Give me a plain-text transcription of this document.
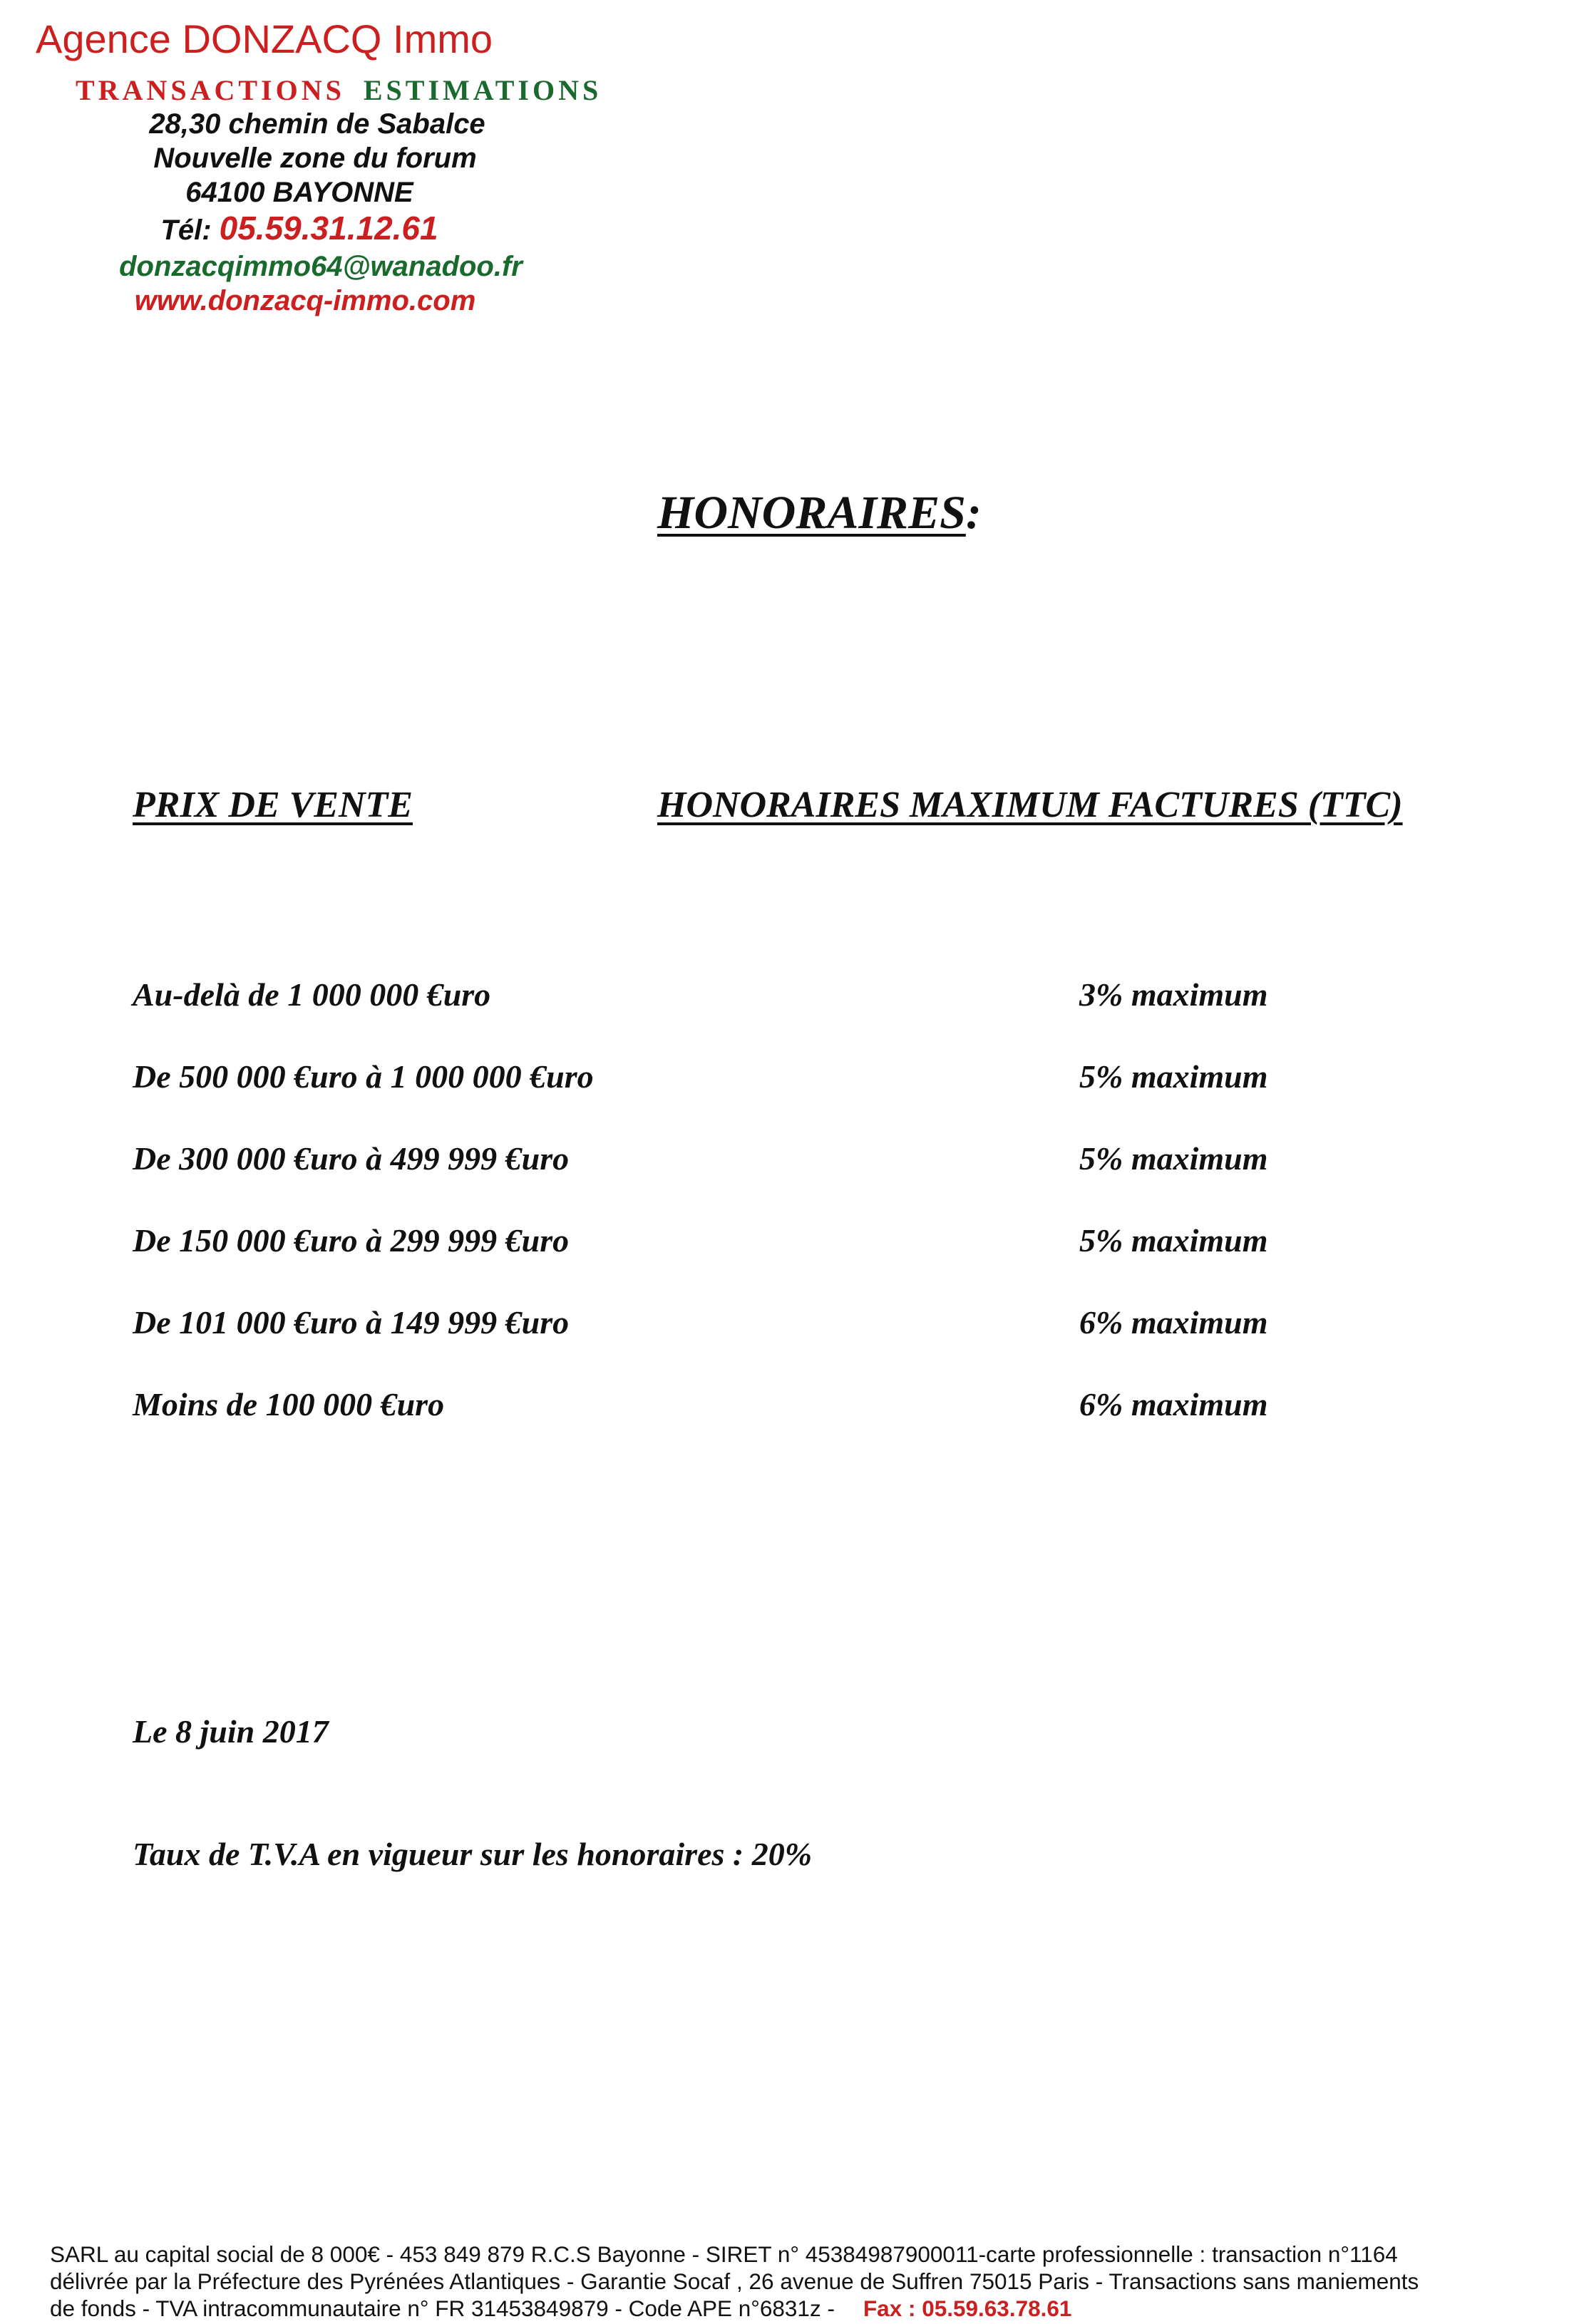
Agence DONZACQ Immo
TRANSACTIONS ESTIMATIONS
28,30 chemin de Sabalce
Nouvelle zone du forum
64100 BAYONNE
Tél: 05.59.31.12.61
donzacqimmo64@wanadoo.fr
www.donzacq-immo.com
HONORAIRES:
PRIX DE VENTE	HONORAIRES MAXIMUM FACTURES (TTC)
Au-delà de 1 000 000 €uro	3% maximum
De 500 000 €uro à 1 000 000 €uro	5% maximum
De 300 000 €uro à 499 999 €uro	5% maximum
De 150 000 €uro à 299 999 €uro	5% maximum
De 101 000 €uro à 149 999 €uro	6% maximum
Moins de 100 000 €uro	6% maximum
Le 8 juin 2017
Taux de T.V.A en vigueur sur les honoraires : 20%
SARL au capital social de 8 000€ - 453 849 879 R.C.S Bayonne - SIRET n° 45384987900011-carte professionnelle : transaction n°1164
délivrée par la Préfecture des Pyrénées Atlantiques - Garantie Socaf , 26 avenue de Suffren 75015 Paris - Transactions sans maniements
de fonds - TVA intracommunautaire n° FR 31453849879 - Code APE n°6831z - Fax : 05.59.63.78.61
